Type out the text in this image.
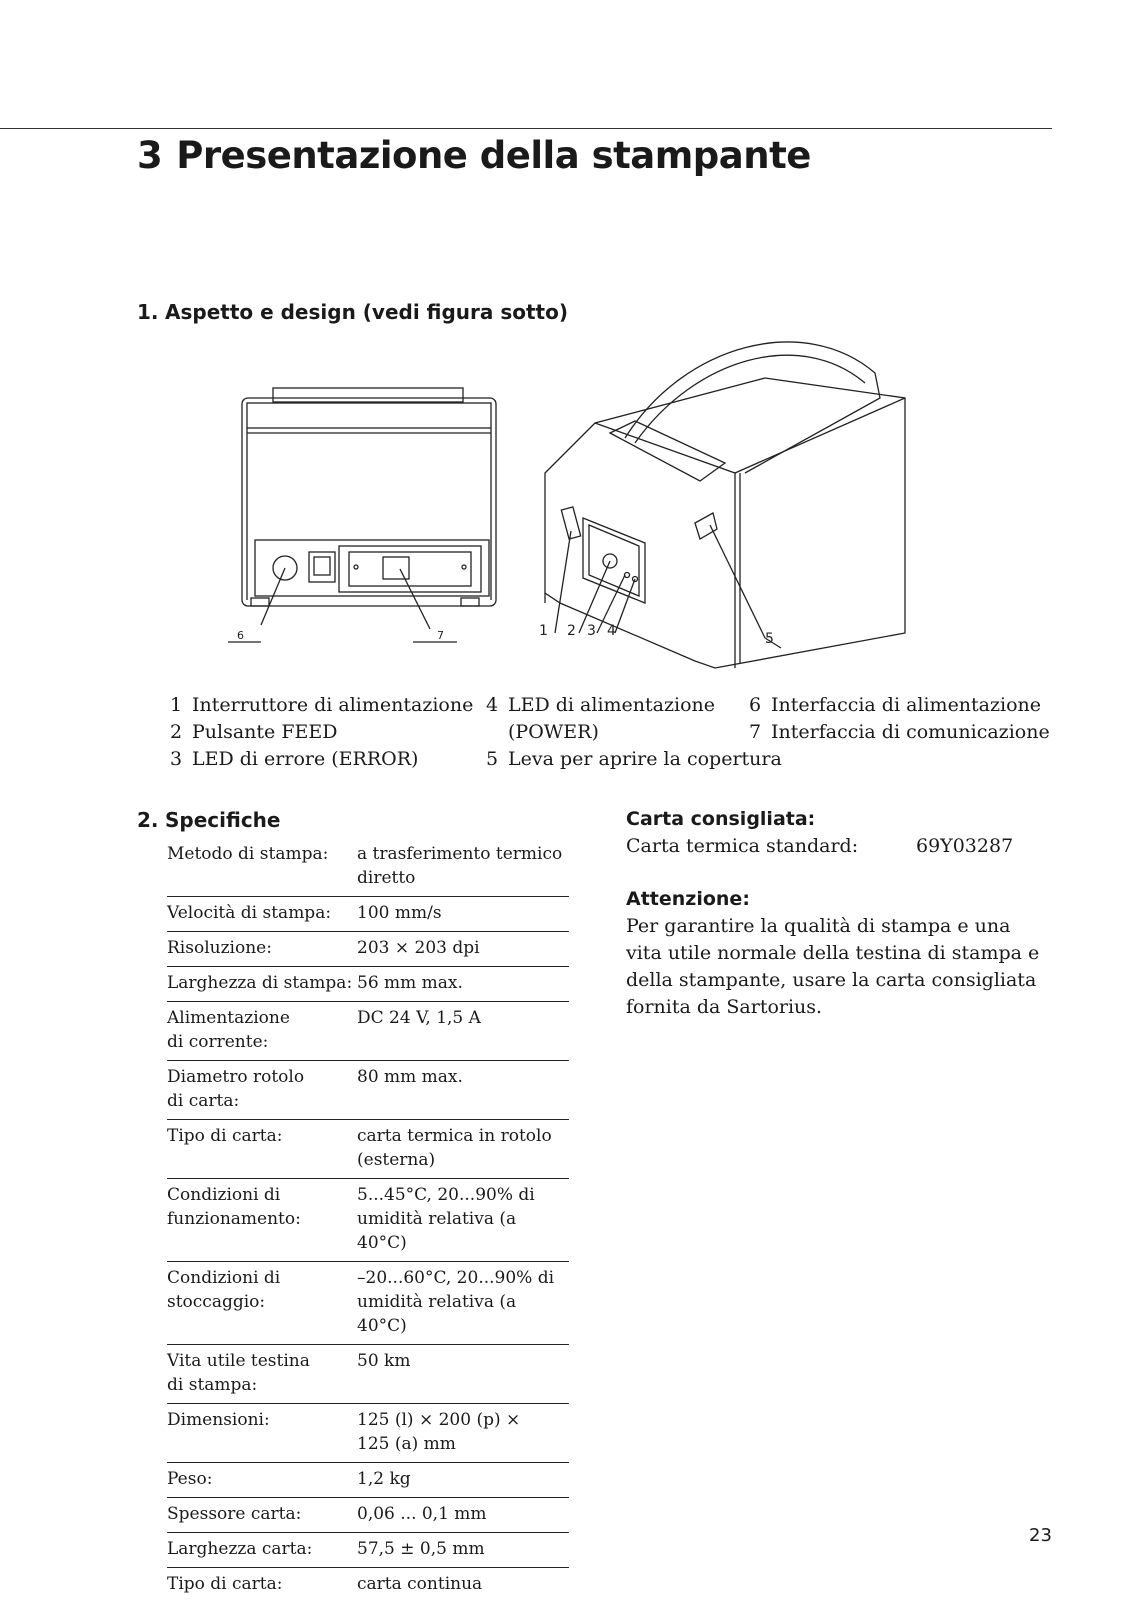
3 Presentazione della stampante
1. Aspetto e design (vedi figura sotto)
6	7	1 2 3 4	5
1 Interruttore di alimentazione
2 Pulsante FEED
3 LED di errore (ERROR)
4 LED di alimentazione
(POWER)
5 Leva per aprire la copertura
6 Interfaccia di alimentazione
7 Interfaccia di comunicazione
2. Specifiche
Metodo di stampa:	a trasferimento termico
diretto
Velocità di stampa:	100 mm/s
Risoluzione:	203 × 203 dpi
Larghezza di stampa:	56 mm max.
Alimentazione
di corrente:	DC 24 V, 1,5 A
Diametro rotolo
di carta:	80 mm max.
Tipo di carta:	carta termica in rotolo
(esterna)
Condizioni di
funzionamento:	5...45°C, 20...90% di
umidità relativa (a 40°C)
Condizioni di
stoccaggio:	–20...60°C, 20...90% di
umidità relativa (a 40°C)
Vita utile testina
di stampa:	50 km
Dimensioni:	125 (l) × 200 (p) ×
125 (a) mm
Peso:	1,2 kg
Spessore carta:	0,06 ... 0,1 mm
Larghezza carta:	57,5 ± 0,5 mm
Tipo di carta:	carta continua
Carta consigliata:
Carta termica standard:	69Y03287
Attenzione:
Per garantire la qualità di stampa e una
vita utile normale della testina di stampa e
della stampante, usare la carta consigliata
fornita da Sartorius.
23
